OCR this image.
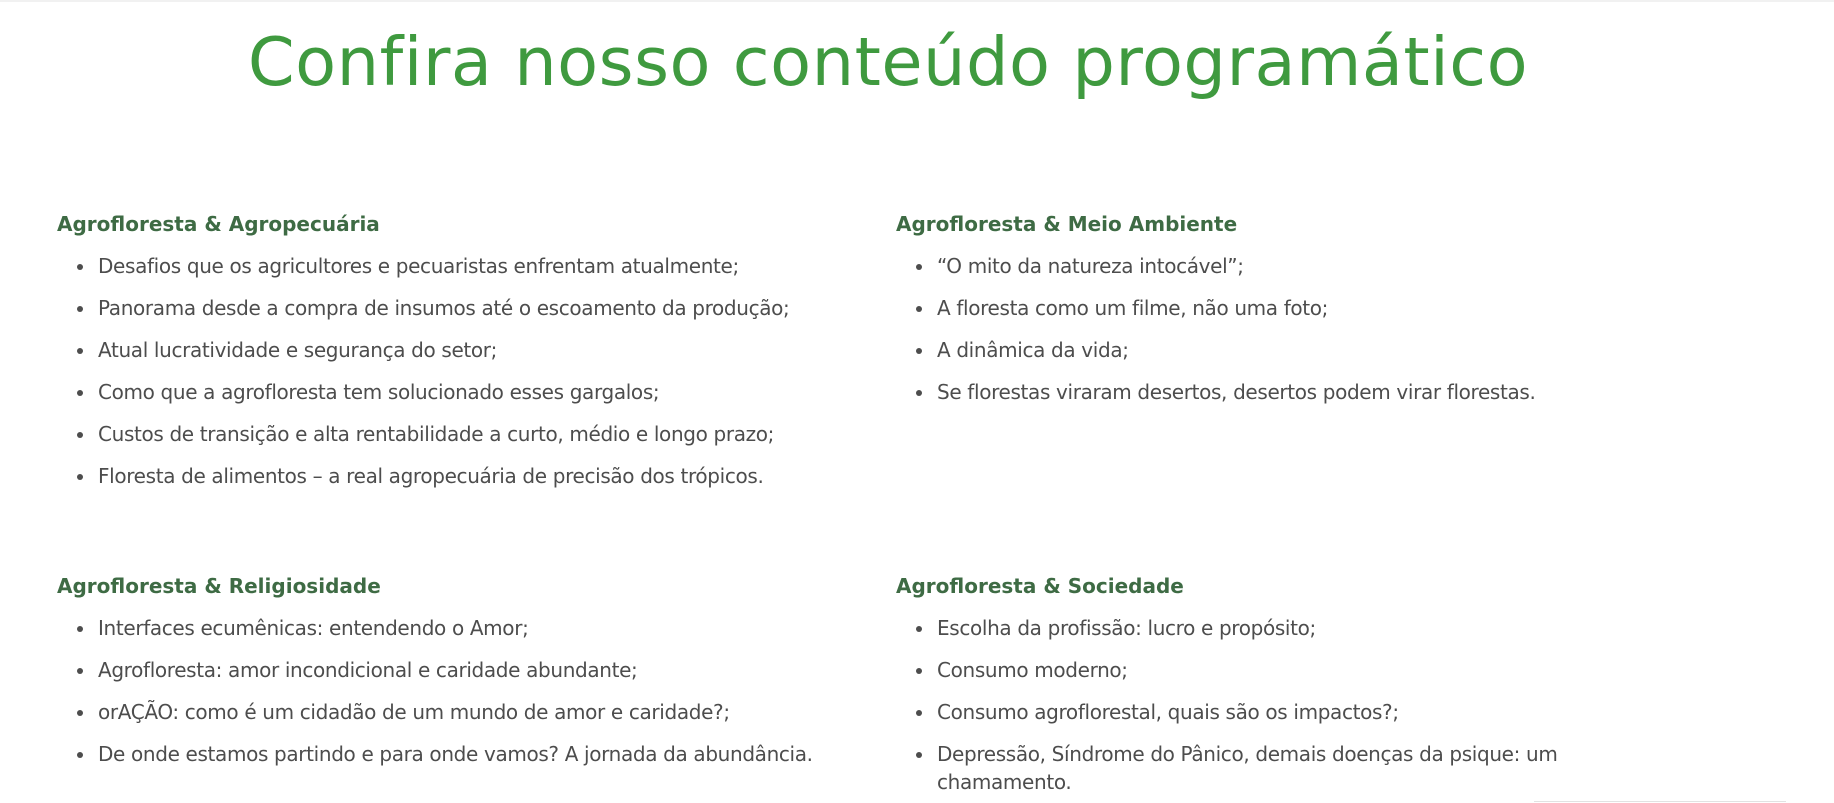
Confira nosso conteúdo programático
Agrofloresta & Agropecuária
Desafios que os agricultores e pecuaristas enfrentam atualmente;
Panorama desde a compra de insumos até o escoamento da produção;
Atual lucratividade e segurança do setor;
Como que a agrofloresta tem solucionado esses gargalos;
Custos de transição e alta rentabilidade a curto, médio e longo prazo;
Floresta de alimentos – a real agropecuária de precisão dos trópicos.
Agrofloresta & Meio Ambiente
“O mito da natureza intocável”;
A floresta como um filme, não uma foto;
A dinâmica da vida;
Se florestas viraram desertos, desertos podem virar florestas.
Agrofloresta & Religiosidade
Interfaces ecumênicas: entendendo o Amor;
Agrofloresta: amor incondicional e caridade abundante;
orAÇÃO: como é um cidadão de um mundo de amor e caridade?;
De onde estamos partindo e para onde vamos? A jornada da abundância.
Agrofloresta & Sociedade
Escolha da profissão: lucro e propósito;
Consumo moderno;
Consumo agroflorestal, quais são os impactos?;
Depressão, Síndrome do Pânico, demais doenças da psique: um chamamento.
